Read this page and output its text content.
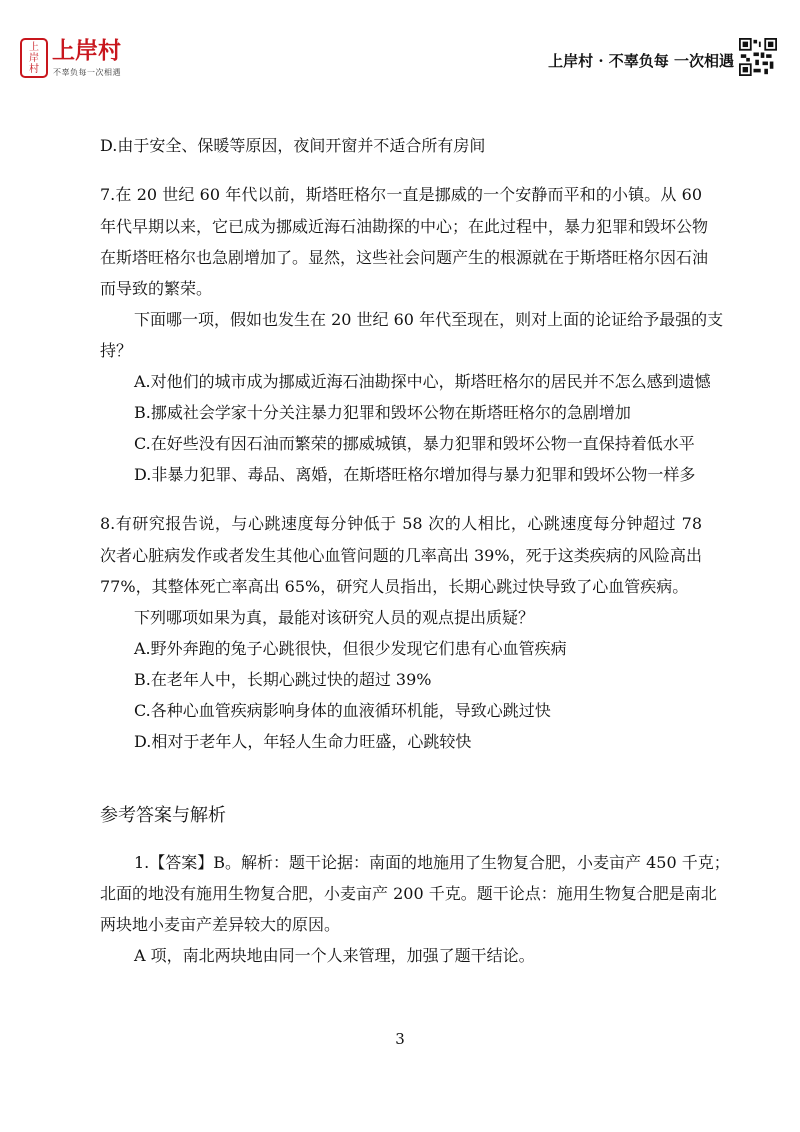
上
岸
村
上岸村
不辜负每一次相遇
上岸村 · 不辜负每 一次相遇
D.由于安全、保暖等原因，夜间开窗并不适合所有房间
7.在 20 世纪 60 年代以前，斯塔旺格尔一直是挪威的一个安静而平和的小镇。从 60
年代早期以来，它已成为挪威近海石油勘探的中心；在此过程中，暴力犯罪和毁坏公物
在斯塔旺格尔也急剧增加了。显然，这些社会问题产生的根源就在于斯塔旺格尔因石油
而导致的繁荣。
下面哪一项，假如也发生在 20 世纪 60 年代至现在，则对上面的论证给予最强的支
持？
A.对他们的城市成为挪威近海石油勘探中心，斯塔旺格尔的居民并不怎么感到遗憾
B.挪威社会学家十分关注暴力犯罪和毁坏公物在斯塔旺格尔的急剧增加
C.在好些没有因石油而繁荣的挪威城镇，暴力犯罪和毁坏公物一直保持着低水平
D.非暴力犯罪、毒品、离婚，在斯塔旺格尔增加得与暴力犯罪和毁坏公物一样多
8.有研究报告说，与心跳速度每分钟低于 58 次的人相比，心跳速度每分钟超过 78
次者心脏病发作或者发生其他心血管问题的几率高出 39%，死于这类疾病的风险高出
77%，其整体死亡率高出 65%，研究人员指出，长期心跳过快导致了心血管疾病。
下列哪项如果为真，最能对该研究人员的观点提出质疑？
A.野外奔跑的兔子心跳很快，但很少发现它们患有心血管疾病
B.在老年人中，长期心跳过快的超过 39%
C.各种心血管疾病影响身体的血液循环机能，导致心跳过快
D.相对于老年人，年轻人生命力旺盛，心跳较快
参考答案与解析
1.【答案】B。解析：题干论据：南面的地施用了生物复合肥，小麦亩产 450 千克；
北面的地没有施用生物复合肥，小麦亩产 200 千克。题干论点：施用生物复合肥是南北
两块地小麦亩产差异较大的原因。
A 项，南北两块地由同一个人来管理，加强了题干结论。
3
